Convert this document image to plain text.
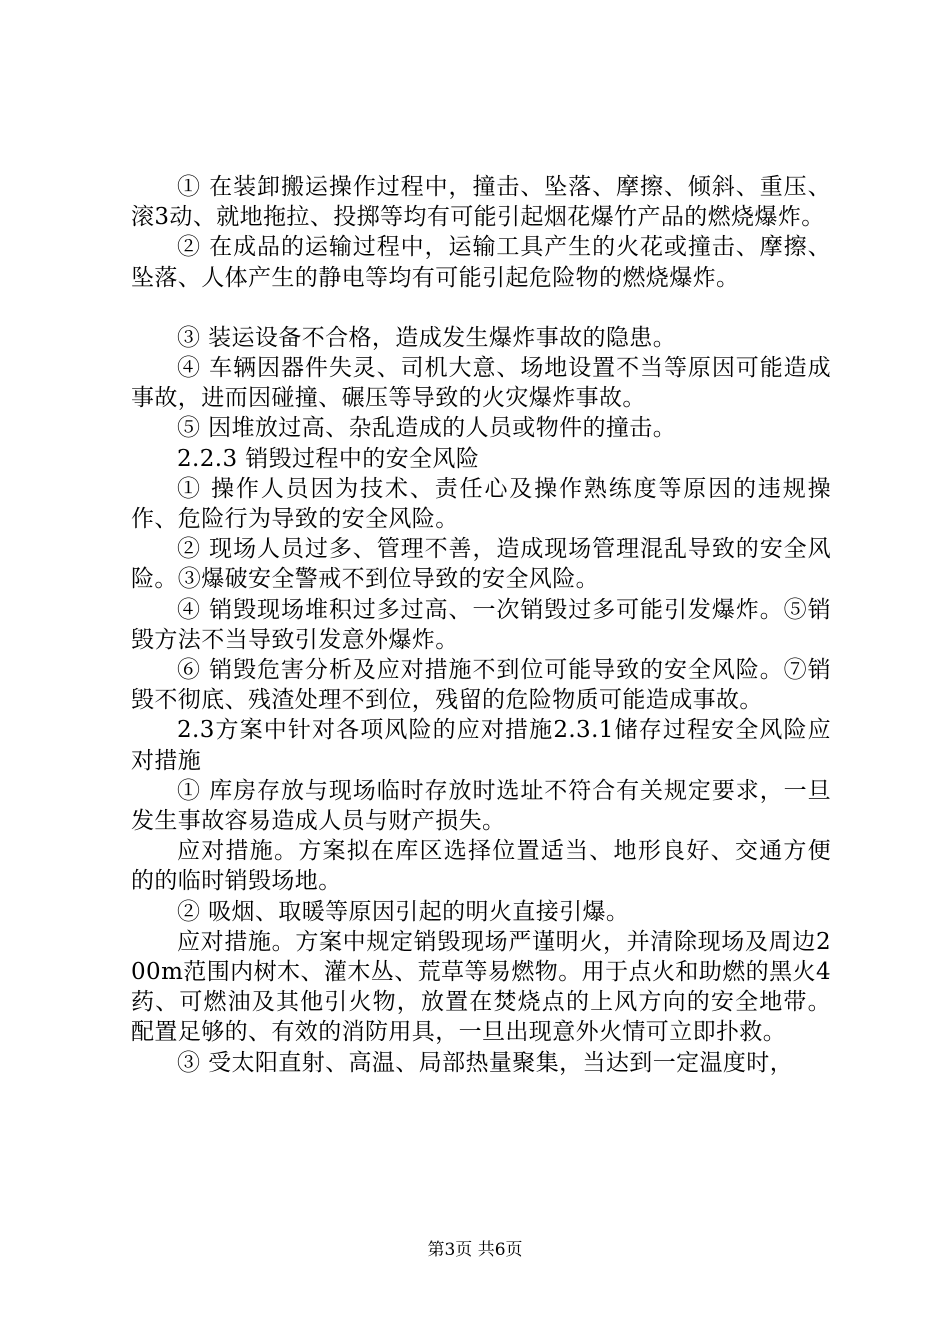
① 在装卸搬运操作过程中，撞击、坠落、摩擦、倾斜、重压、滚3动、就地拖拉、投掷等均有可能引起烟花爆竹产品的燃烧爆炸。

② 在成品的运输过程中，运输工具产生的火花或撞击、摩擦、坠落、人体产生的静电等均有可能引起危险物的燃烧爆炸。

③ 装运设备不合格，造成发生爆炸事故的隐患。

④ 车辆因器件失灵、司机大意、场地设置不当等原因可能造成事故，进而因碰撞、碾压等导致的火灾爆炸事故。

⑤ 因堆放过高、杂乱造成的人员或物件的撞击。

2.2.3 销毁过程中的安全风险

① 操作人员因为技术、责任心及操作熟练度等原因的违规操作、危险行为导致的安全风险。

② 现场人员过多、管理不善，造成现场管理混乱导致的安全风险。③爆破安全警戒不到位导致的安全风险。

④ 销毁现场堆积过多过高、一次销毁过多可能引发爆炸。⑤销毁方法不当导致引发意外爆炸。

⑥ 销毁危害分析及应对措施不到位可能导致的安全风险。⑦销毁不彻底、残渣处理不到位，残留的危险物质可能造成事故。

2.3方案中针对各项风险的应对措施2.3.1储存过程安全风险应对措施

① 库房存放与现场临时存放时选址不符合有关规定要求，一旦发生事故容易造成人员与财产损失。

应对措施。方案拟在库区选择位置适当、地形良好、交通方便的的临时销毁场地。

② 吸烟、取暖等原因引起的明火直接引爆。

应对措施。方案中规定销毁现场严谨明火，并清除现场及周边200m范围内树木、灌木丛、荒草等易燃物。用于点火和助燃的黑火4药、可燃油及其他引火物，放置在焚烧点的上风方向的安全地带。配置足够的、有效的消防用具，一旦出现意外火情可立即扑救。

③ 受太阳直射、高温、局部热量聚集，当达到一定温度时，

第3页 共6页
